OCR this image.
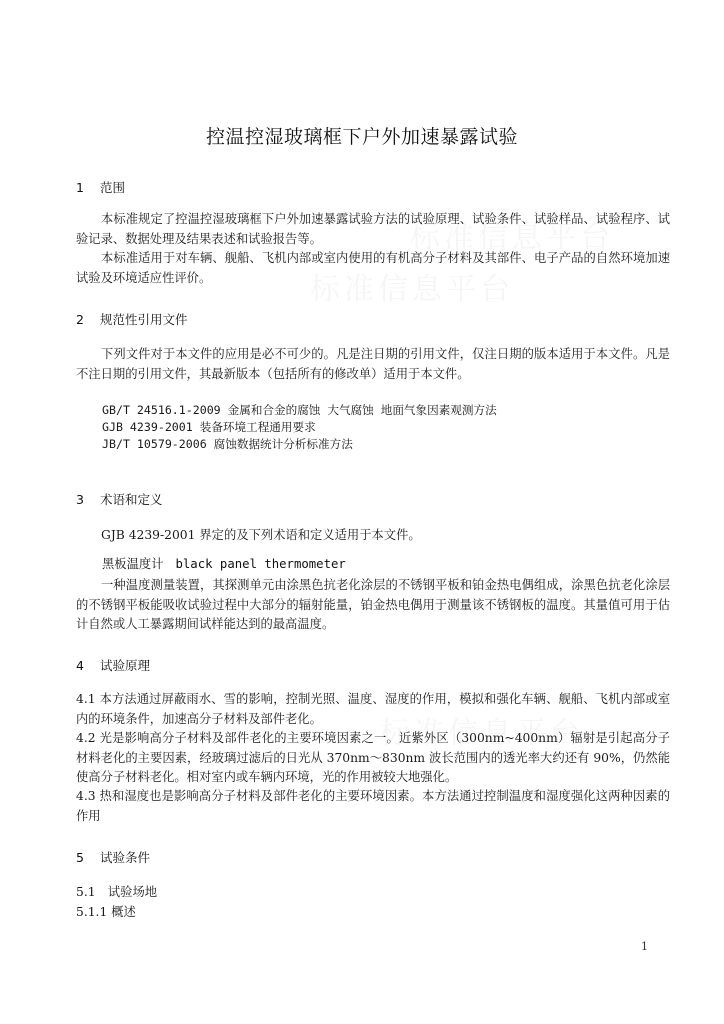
控温控湿玻璃框下户外加速暴露试验
1 范围

本标准规定了控温控湿玻璃框下户外加速暴露试验方法的试验原理、试验条件、试验样品、试验程序、试验记录、数据处理及结果表述和试验报告等。

本标准适用于对车辆、舰船、飞机内部或室内使用的有机高分子材料及其部件、电子产品的自然环境加速试验及环境适应性评价。

2 规范性引用文件

下列文件对于本文件的应用是必不可少的。凡是注日期的引用文件，仅注日期的版本适用于本文件。凡是不注日期的引用文件，其最新版本（包括所有的修改单）适用于本文件。

GB/T 24516.1-2009 金属和合金的腐蚀 大气腐蚀 地面气象因素观测方法
GJB 4239-2001 装备环境工程通用要求
JB/T 10579-2006 腐蚀数据统计分析标准方法
3 术语和定义

GJB 4239-2001 界定的及下列术语和定义适用于本文件。

黑板温度计 black panel thermometer

一种温度测量装置，其探测单元由涂黑色抗老化涂层的不锈钢平板和铂金热电偶组成，涂黑色抗老化涂层的不锈钢平板能吸收试验过程中大部分的辐射能量，铂金热电偶用于测量该不锈钢板的温度。其量值可用于估计自然或人工暴露期间试样能达到的最高温度。

4 试验原理

4.1 本方法通过屏蔽雨水、雪的影响，控制光照、温度、湿度的作用，模拟和强化车辆、舰船、飞机内部或室内的环境条件，加速高分子材料及部件老化。

4.2 光是影响高分子材料及部件老化的主要环境因素之一。近紫外区（300nm~400nm）辐射是引起高分子材料老化的主要因素，经玻璃过滤后的日光从 370nm～830nm 波长范围内的透光率大约还有 90%，仍然能使高分子材料老化。相对室内或车辆内环境，光的作用被较大地强化。

4.3 热和湿度也是影响高分子材料及部件老化的主要环境因素。本方法通过控制温度和湿度强化这两种因素的作用

5 试验条件
5.1　试验场地
5.1.1 概述
1
